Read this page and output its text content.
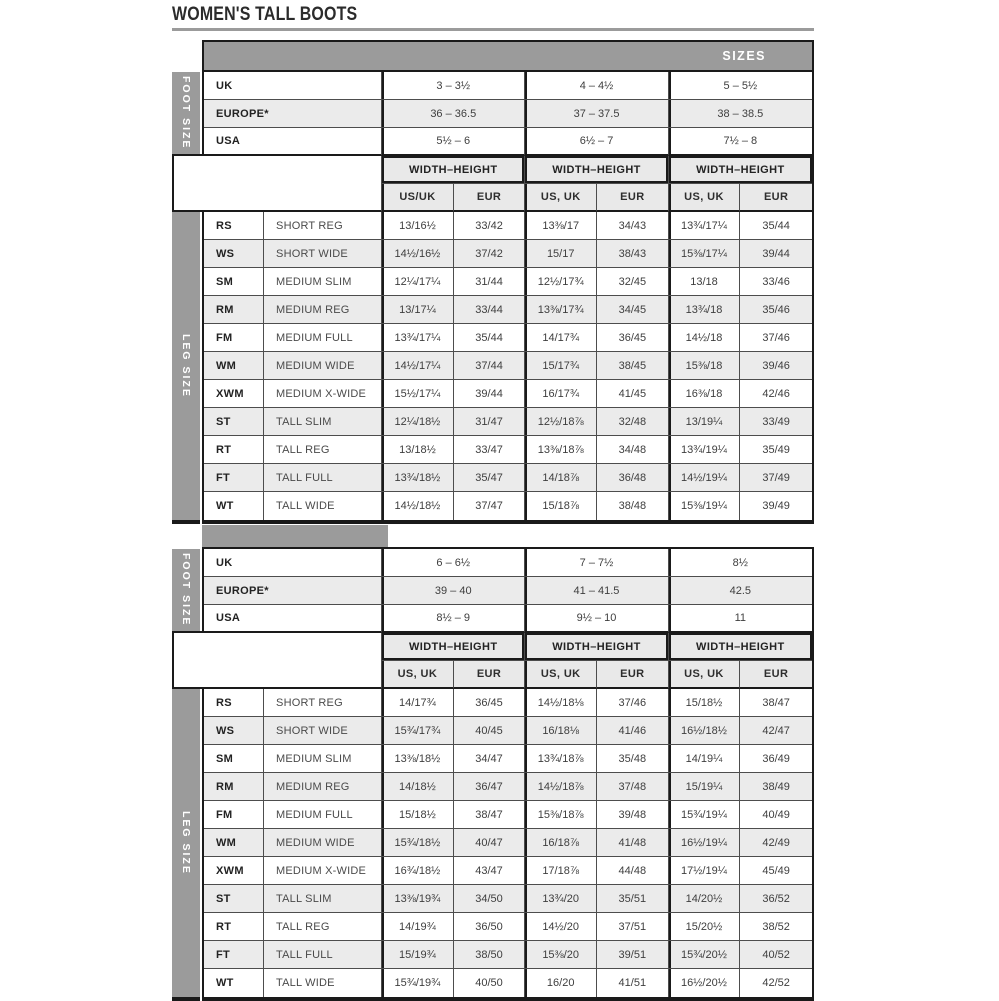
WOMEN'S TALL BOOTS
FOOT SIZE
LEG SIZE
SIZES							

UK		3 – 3½		4 – 4½		5 – 5½	
EUROPE*		36 – 36.5		37 – 37.5		38 – 38.5	
USA		5½ – 6		6½ – 7		7½ – 8	
		WIDTH–HEIGHT		WIDTH–HEIGHT		WIDTH–HEIGHT	
		US/UK	EUR	US, UK	EUR	US, UK	EUR
RS	SHORT REG	13/16½	33/42	13⅜/17	34/43	13¾/17¼	35/44
WS	SHORT WIDE	14½/16½	37/42	15/17	38/43	15⅜/17¼	39/44
SM	MEDIUM SLIM	12¼/17¼	31/44	12½/17¾	32/45	13/18	33/46
RM	MEDIUM REG	13/17¼	33/44	13⅜/17¾	34/45	13¾/18	35/46
FM	MEDIUM FULL	13¾/17¼	35/44	14/17¾	36/45	14½/18	37/46
WM	MEDIUM WIDE	14½/17¼	37/44	15/17¾	38/45	15⅜/18	39/46
XWM	MEDIUM X-WIDE	15½/17¼	39/44	16/17¾	41/45	16⅜/18	42/46
ST	TALL SLIM	12¼/18½	31/47	12½/18⅞	32/48	13/19¼	33/49
RT	TALL REG	13/18½	33/47	13⅜/18⅞	34/48	13¾/19¼	35/49
FT	TALL FULL	13¾/18½	35/47	14/18⅞	36/48	14½/19¼	37/49
WT	TALL WIDE	14½/18½	37/47	15/18⅞	38/48	15⅜/19¼	39/49
FOOT SIZE
LEG SIZE
UK		6 – 6½		7 – 7½		8½	
EUROPE*		39 – 40		41 – 41.5		42.5	
USA		8½ – 9		9½ – 10		11	
		WIDTH–HEIGHT		WIDTH–HEIGHT		WIDTH–HEIGHT	
		US, UK	EUR	US, UK	EUR	US, UK	EUR
RS	SHORT REG	14/17¾	36/45	14½/18⅛	37/46	15/18½	38/47
WS	SHORT WIDE	15¾/17¾	40/45	16/18⅛	41/46	16½/18½	42/47
SM	MEDIUM SLIM	13⅜/18½	34/47	13¾/18⅞	35/48	14/19¼	36/49
RM	MEDIUM REG	14/18½	36/47	14½/18⅞	37/48	15/19¼	38/49
FM	MEDIUM FULL	15/18½	38/47	15⅜/18⅞	39/48	15¾/19¼	40/49
WM	MEDIUM WIDE	15¾/18½	40/47	16/18⅞	41/48	16½/19¼	42/49
XWM	MEDIUM X-WIDE	16¾/18½	43/47	17/18⅞	44/48	17½/19¼	45/49
ST	TALL SLIM	13⅜/19¾	34/50	13¾/20	35/51	14/20½	36/52
RT	TALL REG	14/19¾	36/50	14½/20	37/51	15/20½	38/52
FT	TALL FULL	15/19¾	38/50	15⅜/20	39/51	15¾/20½	40/52
WT	TALL WIDE	15¾/19¾	40/50	16/20	41/51	16½/20½	42/52
